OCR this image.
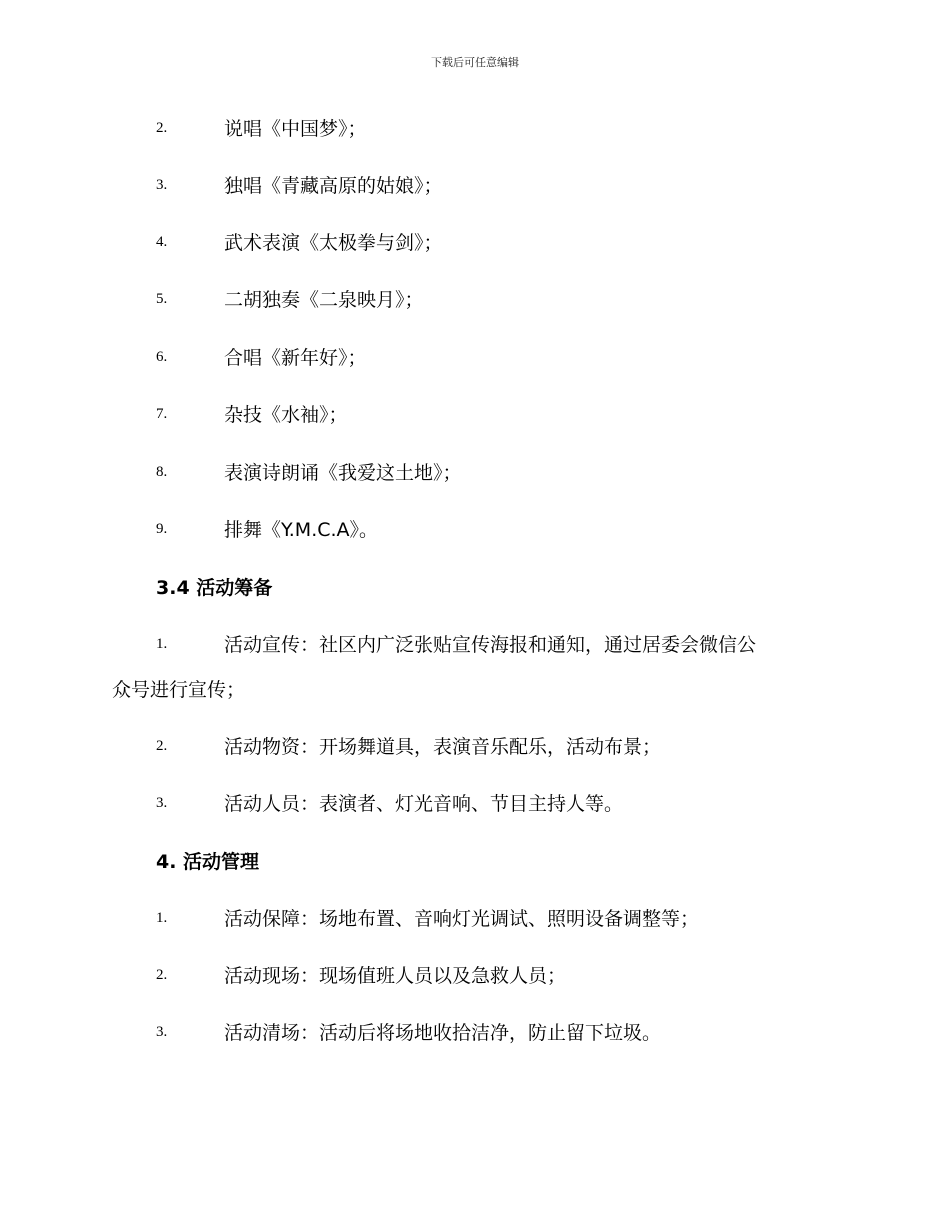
下载后可任意编辑
2.	说唱《中国梦》；
3.	独唱《青藏高原的姑娘》；
4.	武术表演《太极拳与剑》；
5.	二胡独奏《二泉映月》；
6.	合唱《新年好》；
7.	杂技《水袖》；
8.	表演诗朗诵《我爱这土地》；
9.	排舞《Y.M.C.A》。
3.4 活动筹备
1.	活动宣传：社区内广泛张贴宣传海报和通知，通过居委会微信公
众号进行宣传；
2.	活动物资：开场舞道具，表演音乐配乐，活动布景；
3.	活动人员：表演者、灯光音响、节目主持人等。
4. 活动管理
1.	活动保障：场地布置、音响灯光调试、照明设备调整等；
2.	活动现场：现场值班人员以及急救人员；
3.	活动清场：活动后将场地收拾洁净，防止留下垃圾。
